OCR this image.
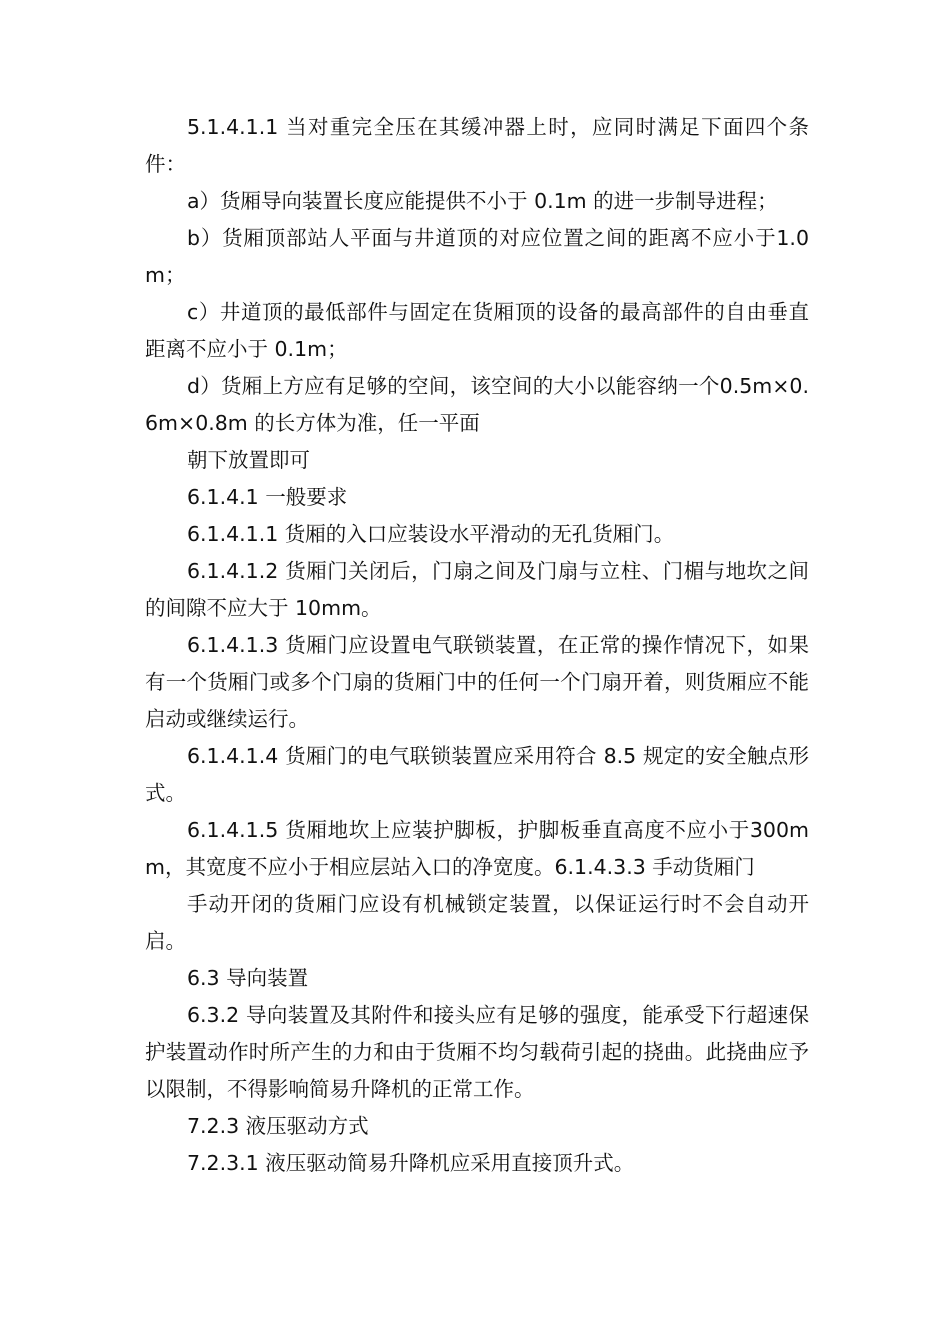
5.1.4.1.1 当对重完全压在其缓冲器上时，应同时满足下面四个条件：

a）货厢导向装置长度应能提供不小于 0.1m 的进一步制导进程；

b）货厢顶部站人平面与井道顶的对应位置之间的距离不应小于1.0m；

c）井道顶的最低部件与固定在货厢顶的设备的最高部件的自由垂直距离不应小于 0.1m；

d）货厢上方应有足够的空间，该空间的大小以能容纳一个0.5m×0.6m×0.8m 的长方体为准，任一平面

朝下放置即可

6.1.4.1 一般要求

6.1.4.1.1 货厢的入口应装设水平滑动的无孔货厢门。

6.1.4.1.2 货厢门关闭后，门扇之间及门扇与立柱、门楣与地坎之间的间隙不应大于 10mm。

6.1.4.1.3 货厢门应设置电气联锁装置，在正常的操作情况下，如果有一个货厢门或多个门扇的货厢门中的任何一个门扇开着，则货厢应不能启动或继续运行。

6.1.4.1.4 货厢门的电气联锁装置应采用符合 8.5 规定的安全触点形式。

6.1.4.1.5 货厢地坎上应装护脚板，护脚板垂直高度不应小于300mm，其宽度不应小于相应层站入口的净宽度。6.1.4.3.3 手动货厢门

手动开闭的货厢门应设有机械锁定装置，以保证运行时不会自动开启。

6.3 导向装置

6.3.2 导向装置及其附件和接头应有足够的强度，能承受下行超速保护装置动作时所产生的力和由于货厢不均匀载荷引起的挠曲。此挠曲应予以限制，不得影响简易升降机的正常工作。

7.2.3 液压驱动方式

7.2.3.1 液压驱动简易升降机应采用直接顶升式。
